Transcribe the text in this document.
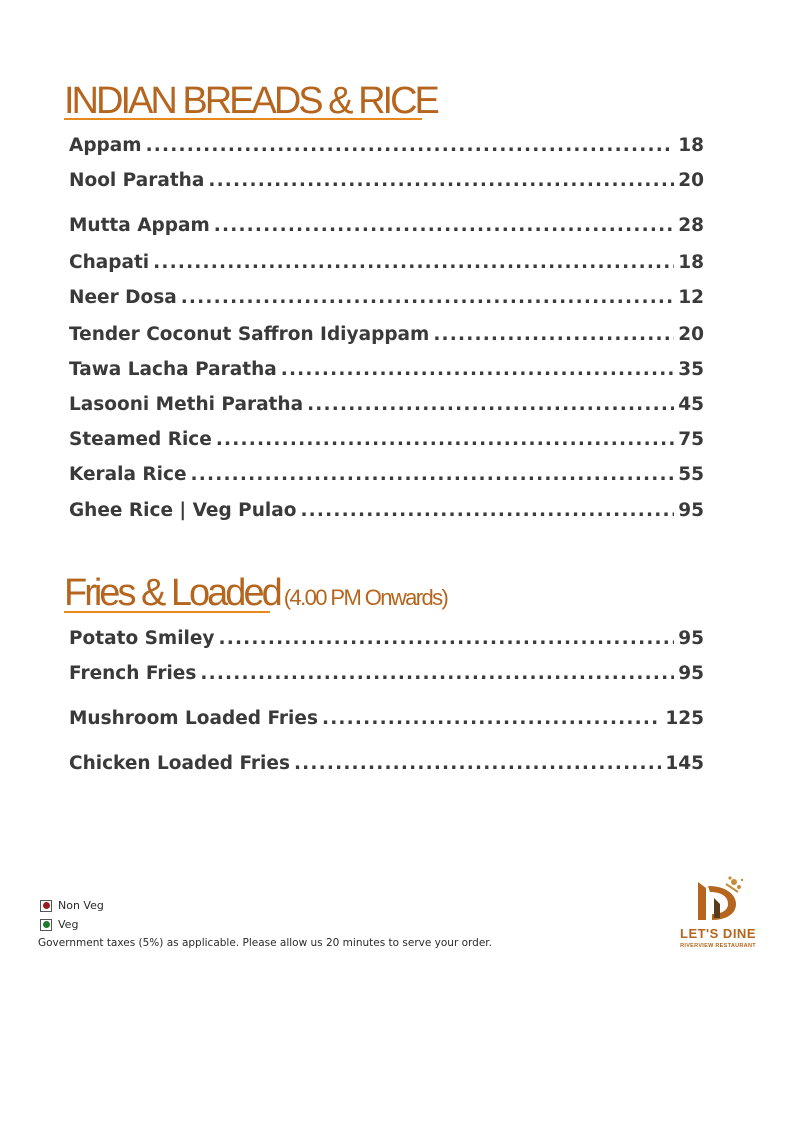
INDIAN BREADS & RICE
Appam .....	18
Nool Paratha .....	20
Mutta Appam .....	28
Chapati .....	18
Neer Dosa .....	12
Tender Coconut Saffron Idiyappam .....	20
Tawa Lacha Paratha .....	35
Lasooni Methi Paratha .....	45
Steamed Rice .....	75
Kerala Rice .....	55
Ghee Rice | Veg Pulao .....	95
Fries & Loaded (4.00 PM Onwards)
Potato Smiley .....	95
French Fries .....	95
Mushroom Loaded Fries .....	125
Chicken Loaded Fries .....	145
Non Veg
Veg
Government taxes (5%) as applicable. Please allow us 20 minutes to serve your order.
LET'S DINE
RIVERVIEW RESTAURANT
